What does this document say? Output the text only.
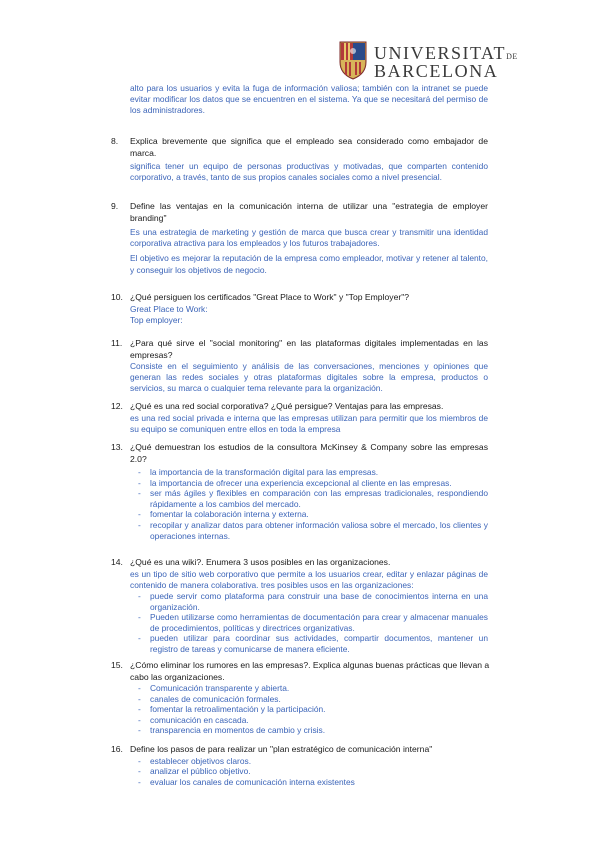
UNIVERSITATDE
BARCELONA

alto para los usuarios y evita la fuga de información valiosa; también con la intranet se puede evitar modificar los datos que se encuentren en el sistema. Ya que se necesitará del permiso de los administradores.

8. Explica brevemente que significa que el empleado sea considerado como embajador de marca.

significa tener un equipo de personas productivas y motivadas, que comparten contenido corporativo, a través, tanto de sus propios canales sociales como a nivel presencial.

9. Define las ventajas en la comunicación interna de utilizar una "estrategia de employer branding"

Es una estrategia de marketing y gestión de marca que busca crear y transmitir una identidad corporativa atractiva para los empleados y los futuros trabajadores.

El objetivo es mejorar la reputación de la empresa como empleador, motivar y retener al talento, y conseguir los objetivos de negocio.

10. ¿Qué persiguen los certificados "Great Place to Work" y "Top Employer"?

Great Place to Work:

Top employer:

11. ¿Para qué sirve el "social monitoring" en las plataformas digitales implementadas en las empresas?

Consiste en el seguimiento y análisis de las conversaciones, menciones y opiniones que generan las redes sociales y otras plataformas digitales sobre la empresa, productos o servicios, su marca o cualquier tema relevante para la organización.

12. ¿Qué es una red social corporativa? ¿Qué persigue? Ventajas para las empresas.

es una red social privada e interna que las empresas utilizan para permitir que los miembros de su equipo se comuniquen entre ellos en toda la empresa

13. ¿Qué demuestran los estudios de la consultora McKinsey & Company sobre las empresas 2.0?

- la importancia de la transformación digital para las empresas.
- la importancia de ofrecer una experiencia excepcional al cliente en las empresas.
- ser más ágiles y flexibles en comparación con las empresas tradicionales, respondiendo rápidamente a los cambios del mercado.
- fomentar la colaboración interna y externa.
- recopilar y analizar datos para obtener información valiosa sobre el mercado, los clientes y operaciones internas.

14. ¿Qué es una wiki?. Enumera 3 usos posibles en las organizaciones.

es un tipo de sitio web corporativo que permite a los usuarios crear, editar y enlazar páginas de contenido de manera colaborativa. tres posibles usos en las organizaciones:

- puede servir como plataforma para construir una base de conocimientos interna en una organización.
- Pueden utilizarse como herramientas de documentación para crear y almacenar manuales de procedimientos, políticas y directrices organizativas.
- pueden utilizar para coordinar sus actividades, compartir documentos, mantener un registro de tareas y comunicarse de manera eficiente.

15. ¿Cómo eliminar los rumores en las empresas?. Explica algunas buenas prácticas que llevan a cabo las organizaciones.

- Comunicación transparente y abierta.
- canales de comunicación formales.
- fomentar la retroalimentación y la participación.
- comunicación en cascada.
- transparencia en momentos de cambio y crisis.

16. Define los pasos de para realizar un "plan estratégico de comunicación interna"

- establecer objetivos claros.
- analizar el público objetivo.
- evaluar los canales de comunicación interna existentes
